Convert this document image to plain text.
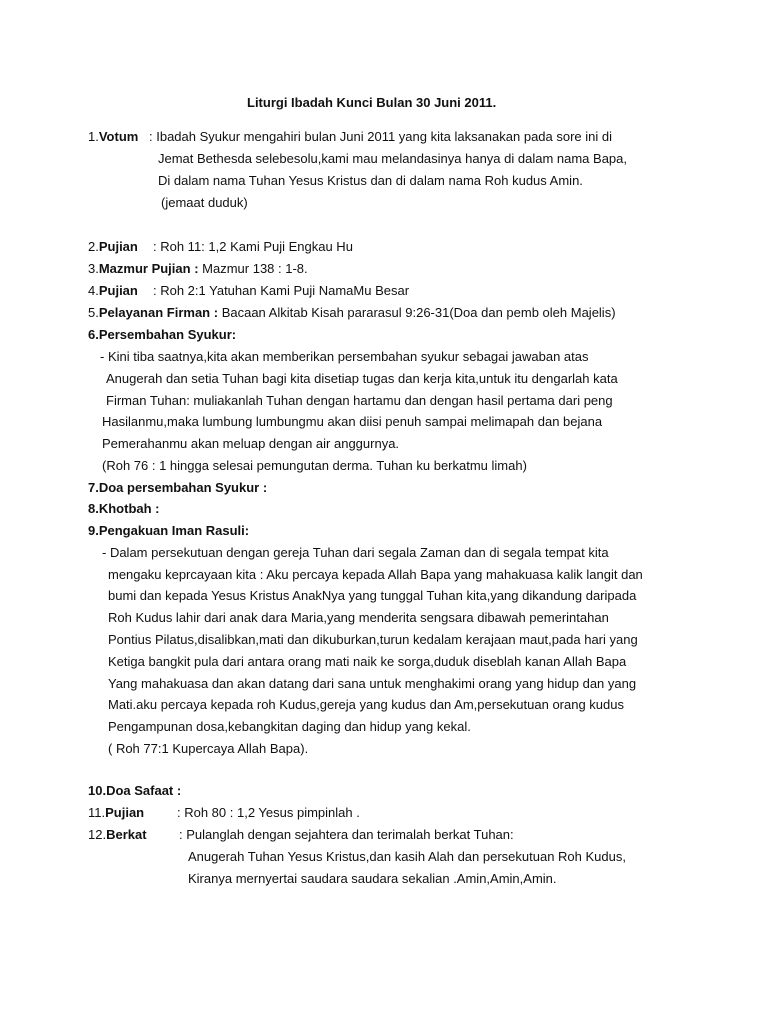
Liturgi Ibadah Kunci Bulan 30 Juni 2011.
1.Votum : Ibadah Syukur mengahiri bulan Juni 2011 yang kita laksanakan pada sore ini di
Jemat Bethesda selebesolu,kami mau melandasinya hanya di dalam nama Bapa,
Di dalam nama Tuhan Yesus Kristus dan di dalam nama Roh kudus Amin.
(jemaat duduk)
2.Pujian : Roh 11: 1,2 Kami Puji Engkau Hu
3.Mazmur Pujian : Mazmur 138 : 1-8.
4.Pujian : Roh 2:1 Yatuhan Kami Puji NamaMu Besar
5.Pelayanan Firman : Bacaan Alkitab Kisah pararasul 9:26-31(Doa dan pemb oleh Majelis)
6.Persembahan Syukur:
- Kini tiba saatnya,kita akan memberikan persembahan syukur sebagai jawaban atas
Anugerah dan setia Tuhan bagi kita disetiap tugas dan kerja kita,untuk itu dengarlah kata
Firman Tuhan: muliakanlah Tuhan dengan hartamu dan dengan hasil pertama dari peng
Hasilanmu,maka lumbung lumbungmu akan diisi penuh sampai melimapah dan bejana
Pemerahanmu akan meluap dengan air anggurnya.
(Roh 76 : 1 hingga selesai pemungutan derma. Tuhan ku berkatmu limah)
7.Doa persembahan Syukur :
8.Khotbah :
9.Pengakuan Iman Rasuli:
- Dalam persekutuan dengan gereja Tuhan dari segala Zaman dan di segala tempat kita
mengaku keprcayaan kita : Aku percaya kepada Allah Bapa yang mahakuasa kalik langit dan
bumi dan kepada Yesus Kristus AnakNya yang tunggal Tuhan kita,yang dikandung daripada
Roh Kudus lahir dari anak dara Maria,yang menderita sengsara dibawah pemerintahan
Pontius Pilatus,disalibkan,mati dan dikuburkan,turun kedalam kerajaan maut,pada hari yang
Ketiga bangkit pula dari antara orang mati naik ke sorga,duduk diseblah kanan Allah Bapa
Yang mahakuasa dan akan datang dari sana untuk menghakimi orang yang hidup dan yang
Mati.aku percaya kepada roh Kudus,gereja yang kudus dan Am,persekutuan orang kudus
Pengampunan dosa,kebangkitan daging dan hidup yang kekal.
( Roh 77:1 Kupercaya Allah Bapa).
10.Doa Safaat :
11.Pujian	: Roh 80 : 1,2 Yesus pimpinlah .
12.Berkat : Pulanglah dengan sejahtera dan terimalah berkat Tuhan:
Anugerah Tuhan Yesus Kristus,dan kasih Alah dan persekutuan Roh Kudus,
Kiranya mernyertai saudara saudara sekalian .Amin,Amin,Amin.
